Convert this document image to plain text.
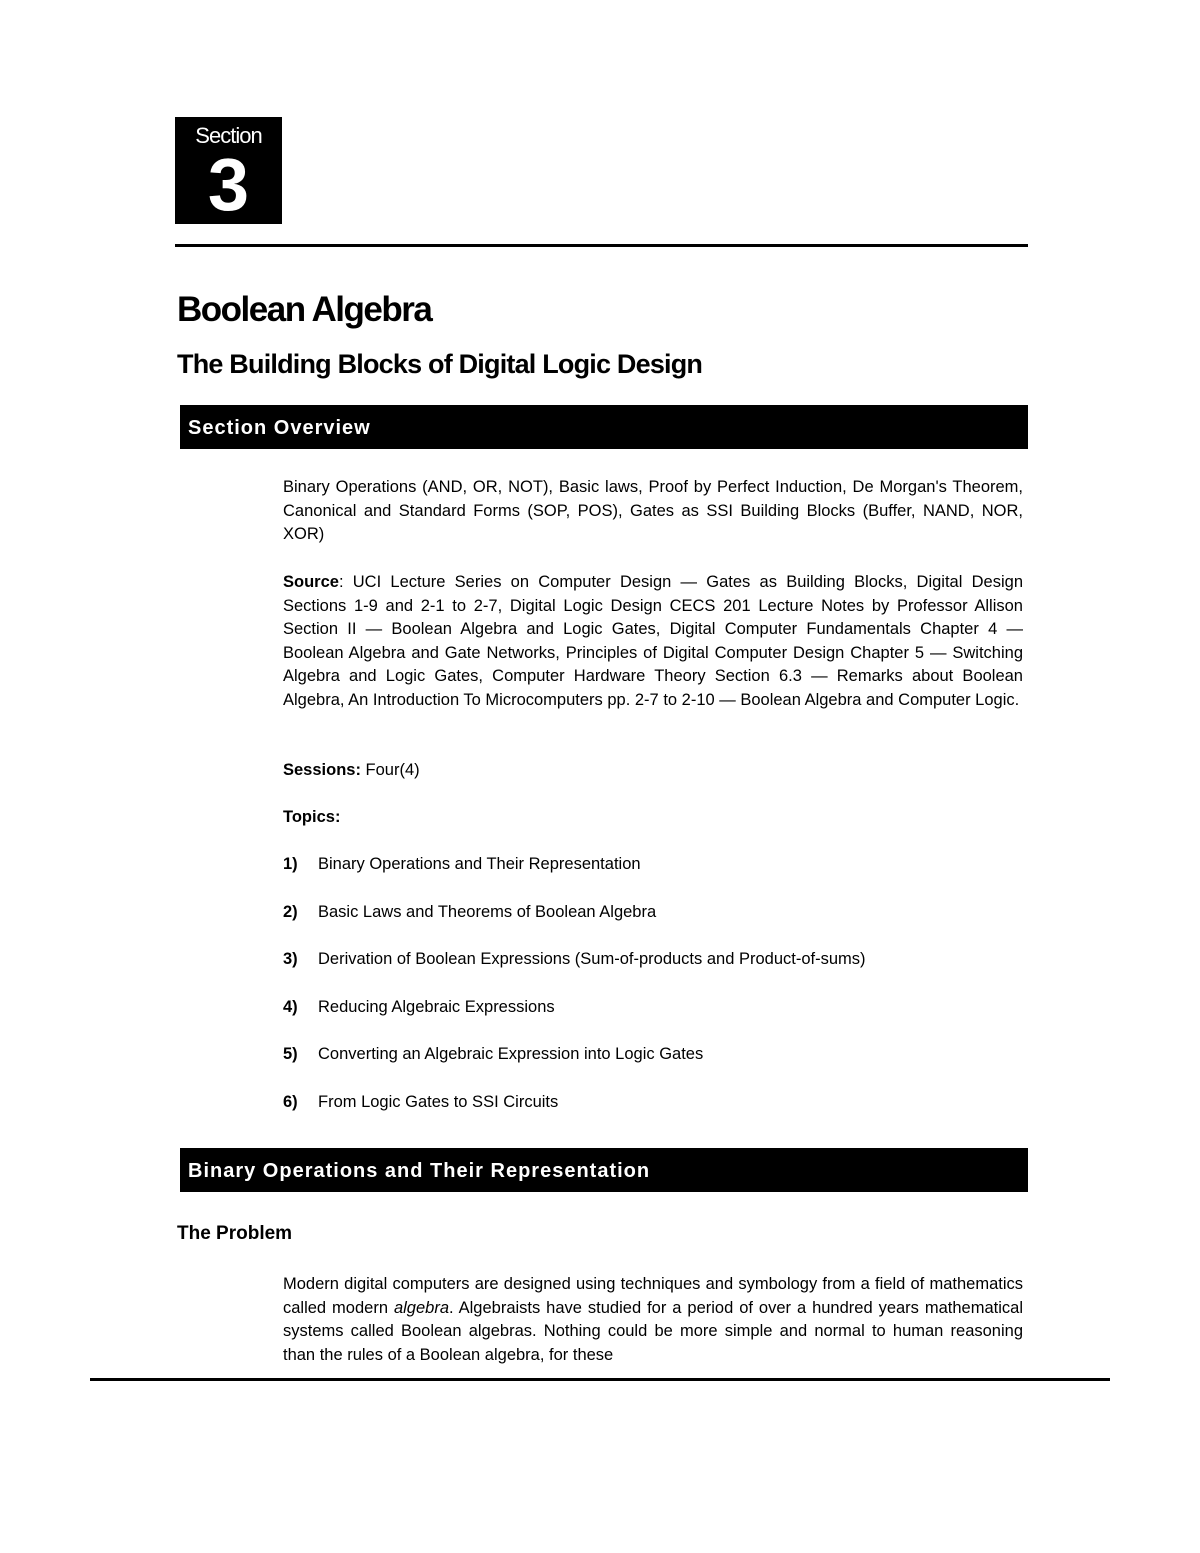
Section
3
Boolean Algebra
The Building Blocks of Digital Logic Design
Section Overview

Binary Operations (AND, OR, NOT), Basic laws, Proof by Perfect Induction, De Morgan's Theorem, Canonical and Standard Forms (SOP, POS), Gates as SSI Building Blocks (Buffer, NAND, NOR, XOR)

Source: UCI Lecture Series on Computer Design — Gates as Building Blocks, Digital Design Sections 1-9 and 2-1 to 2-7, Digital Logic Design CECS 201 Lecture Notes by Professor Allison Section II — Boolean Algebra and Logic Gates, Digital Computer Fundamentals Chapter 4 — Boolean Algebra and Gate Networks, Principles of Digital Computer Design Chapter 5 — Switching Algebra and Logic Gates, Computer Hardware Theory Section 6.3 — Remarks about Boolean Algebra, An Introduction To Microcomputers pp. 2-7 to 2-10 — Boolean Algebra and Computer Logic.

Sessions: Four(4)

Topics:

1) Binary Operations and Their Representation
2) Basic Laws and Theorems of Boolean Algebra
3) Derivation of Boolean Expressions (Sum-of-products and Product-of-sums)
4) Reducing Algebraic Expressions
5) Converting an Algebraic Expression into Logic Gates
6) From Logic Gates to SSI Circuits
Binary Operations and Their Representation
The Problem

Modern digital computers are designed using techniques and symbology from a field of mathematics called modern algebra. Algebraists have studied for a period of over a hundred years mathematical systems called Boolean algebras. Nothing could be more simple and normal to human reasoning than the rules of a Boolean algebra, for these
